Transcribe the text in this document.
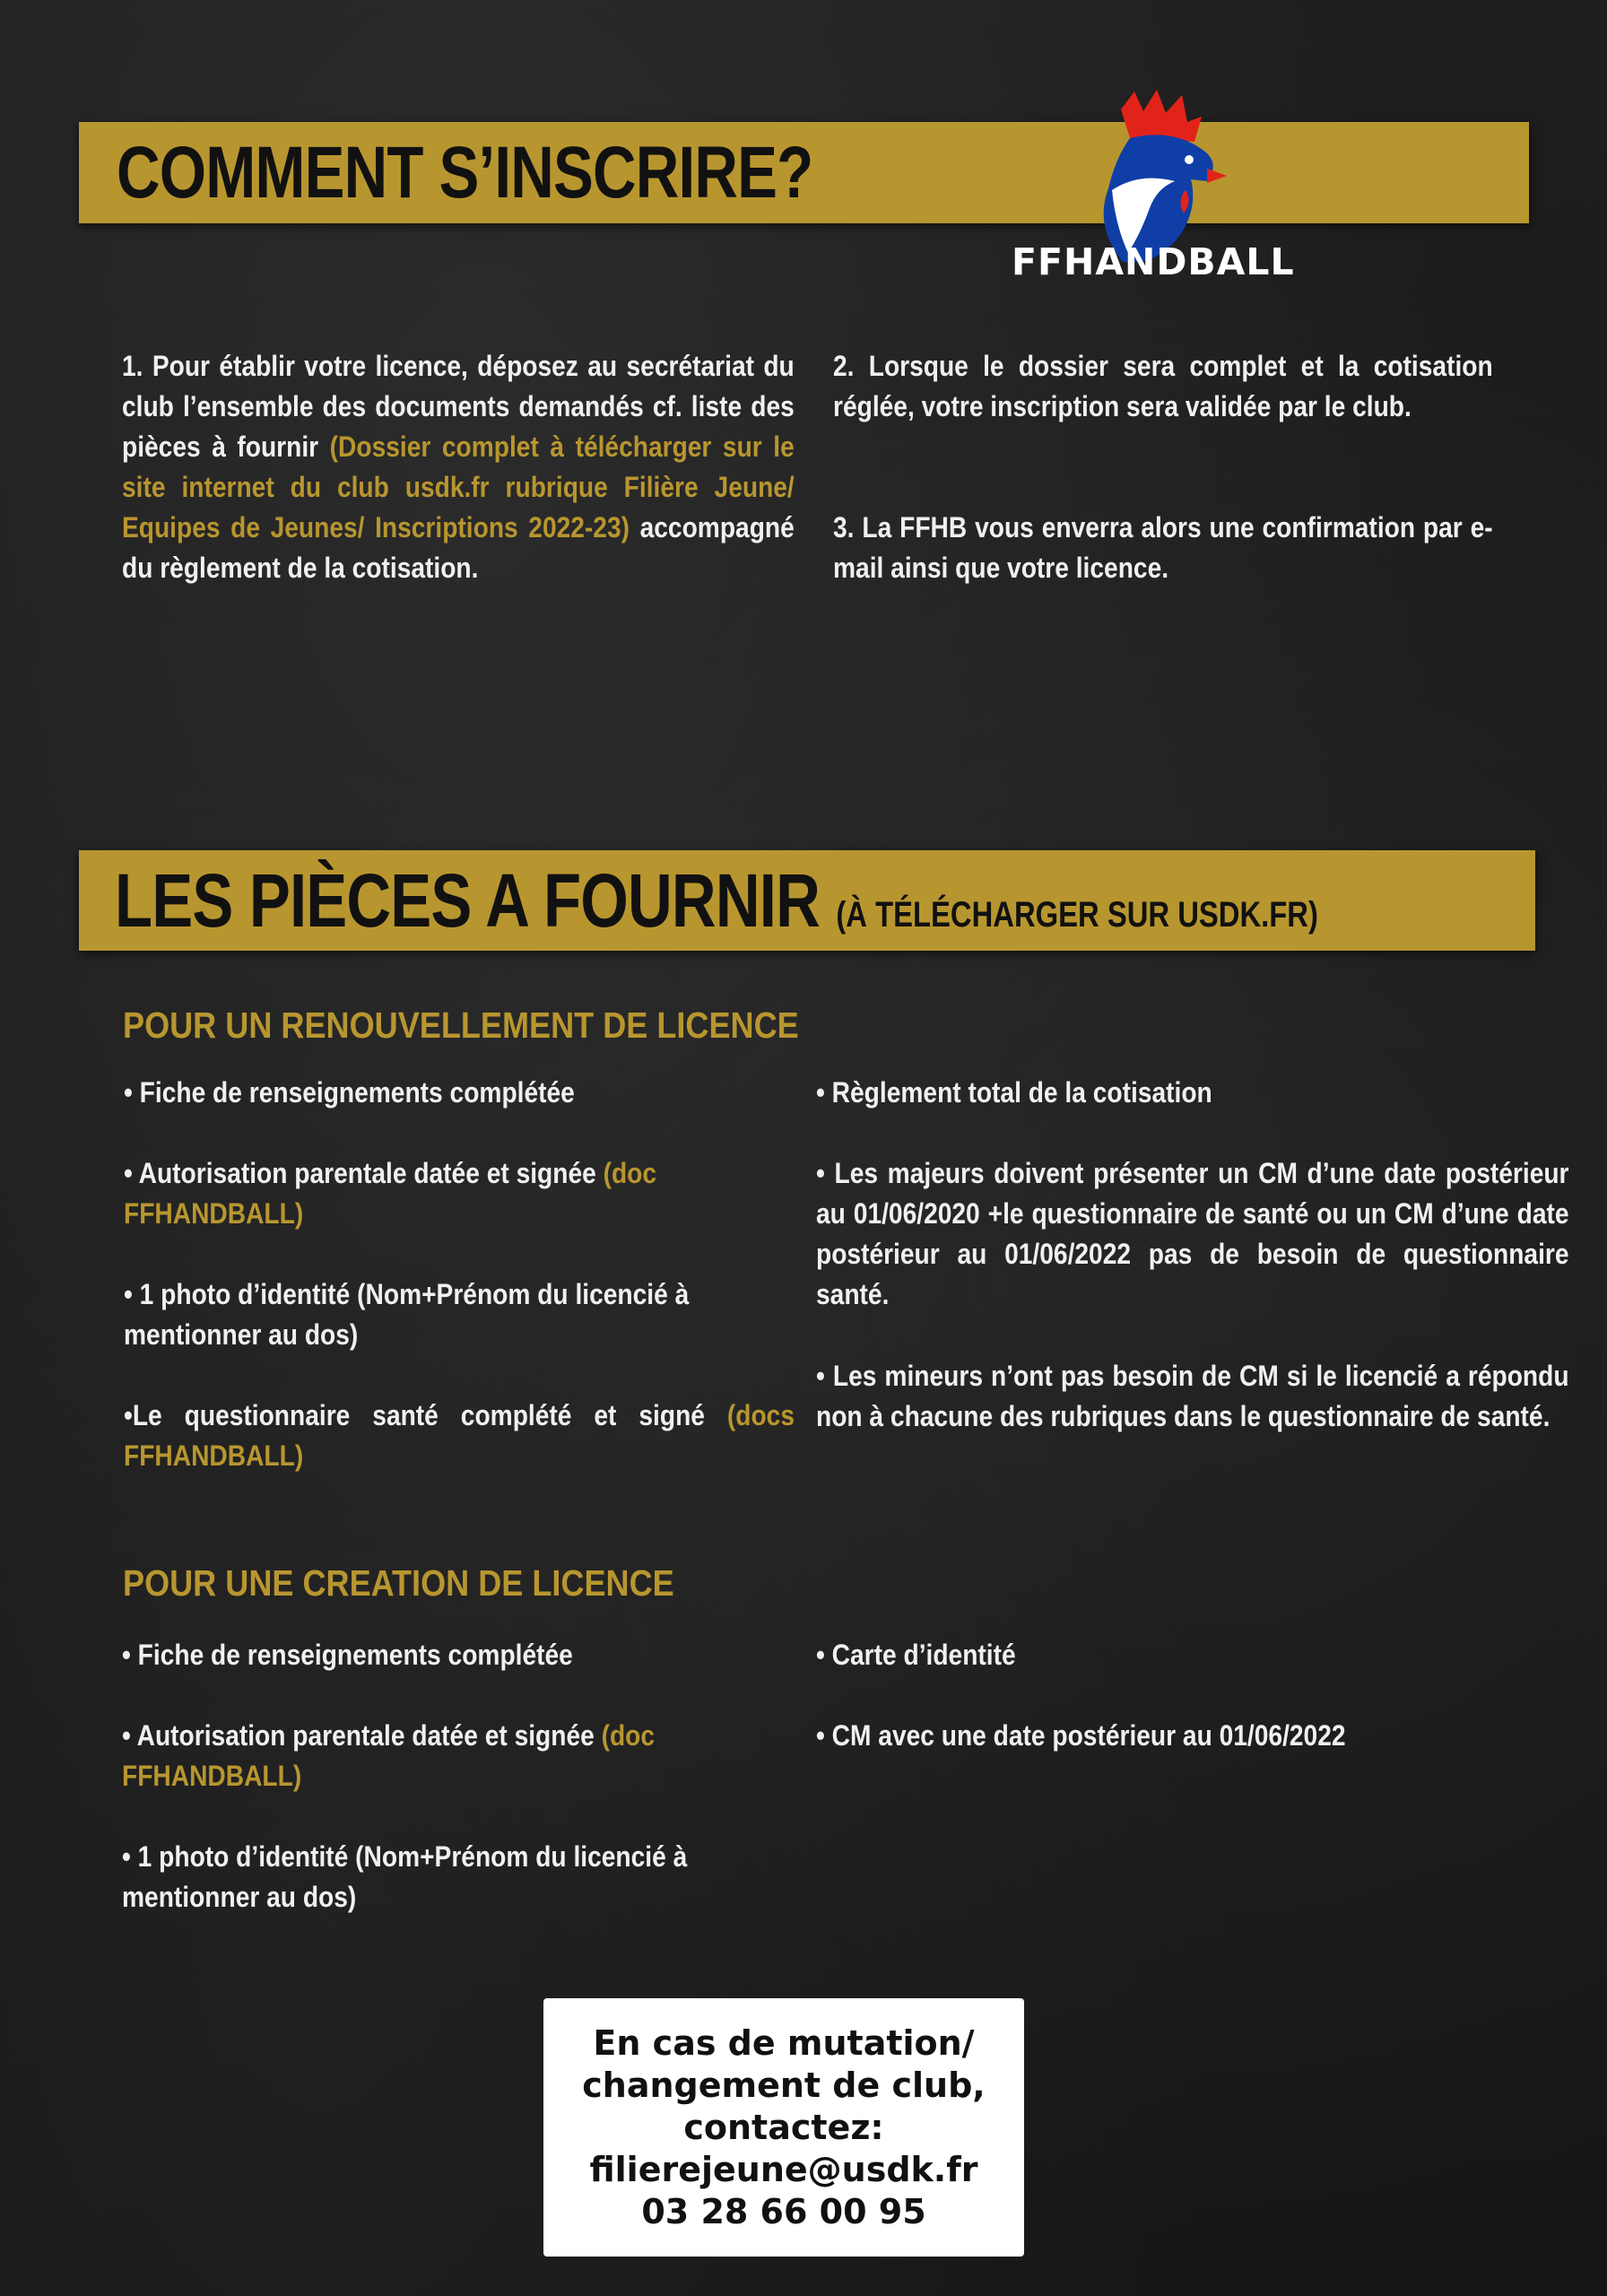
COMMENT S’INSCRIRE?
FFHANDBALL
1. Pour établir votre licence, déposez au secrétariat du club l’ensemble des documents demandés cf. liste des pièces à fournir (Dossier complet à télécharger sur le site internet du club usdk.fr rubrique Filière Jeune/ Equipes de Jeunes/ Inscriptions 2022-23) accompagné du règlement de la cotisation.
2. Lorsque le dossier sera complet et la cotisation réglée, votre inscription sera validée par le club.
3. La FFHB vous enverra alors une confirmation par e-mail ainsi que votre licence.
LES PIÈCES A FOURNIR (À TÉLÉCHARGER SUR USDK.FR)
POUR UN RENOUVELLEMENT DE LICENCE
• Fiche de renseignements complétée
• Autorisation parentale datée et signée (doc FFHANDBALL)
• 1 photo d’identité (Nom+Prénom du licencié à mentionner au dos)
•Le questionnaire santé complété et signé (docs FFHANDBALL)
• Règlement total de la cotisation
• Les majeurs doivent présenter un CM d’une date postérieur au 01/06/2020 +le questionnaire de santé ou un CM d’une date postérieur au 01/06/2022 pas de besoin de questionnaire santé.
• Les mineurs n’ont pas besoin de CM si le licencié a répondu non à chacune des rubriques dans le questionnaire de santé.
POUR UNE CREATION DE LICENCE
• Fiche de renseignements complétée
• Autorisation parentale datée et signée (doc FFHANDBALL)
• 1 photo d’identité (Nom+Prénom du licencié à mentionner au dos)
• Carte d’identité
• CM avec une date postérieur au 01/06/2022
En cas de mutation/
changement de club,
contactez:
filierejeune@usdk.fr
03 28 66 00 95
